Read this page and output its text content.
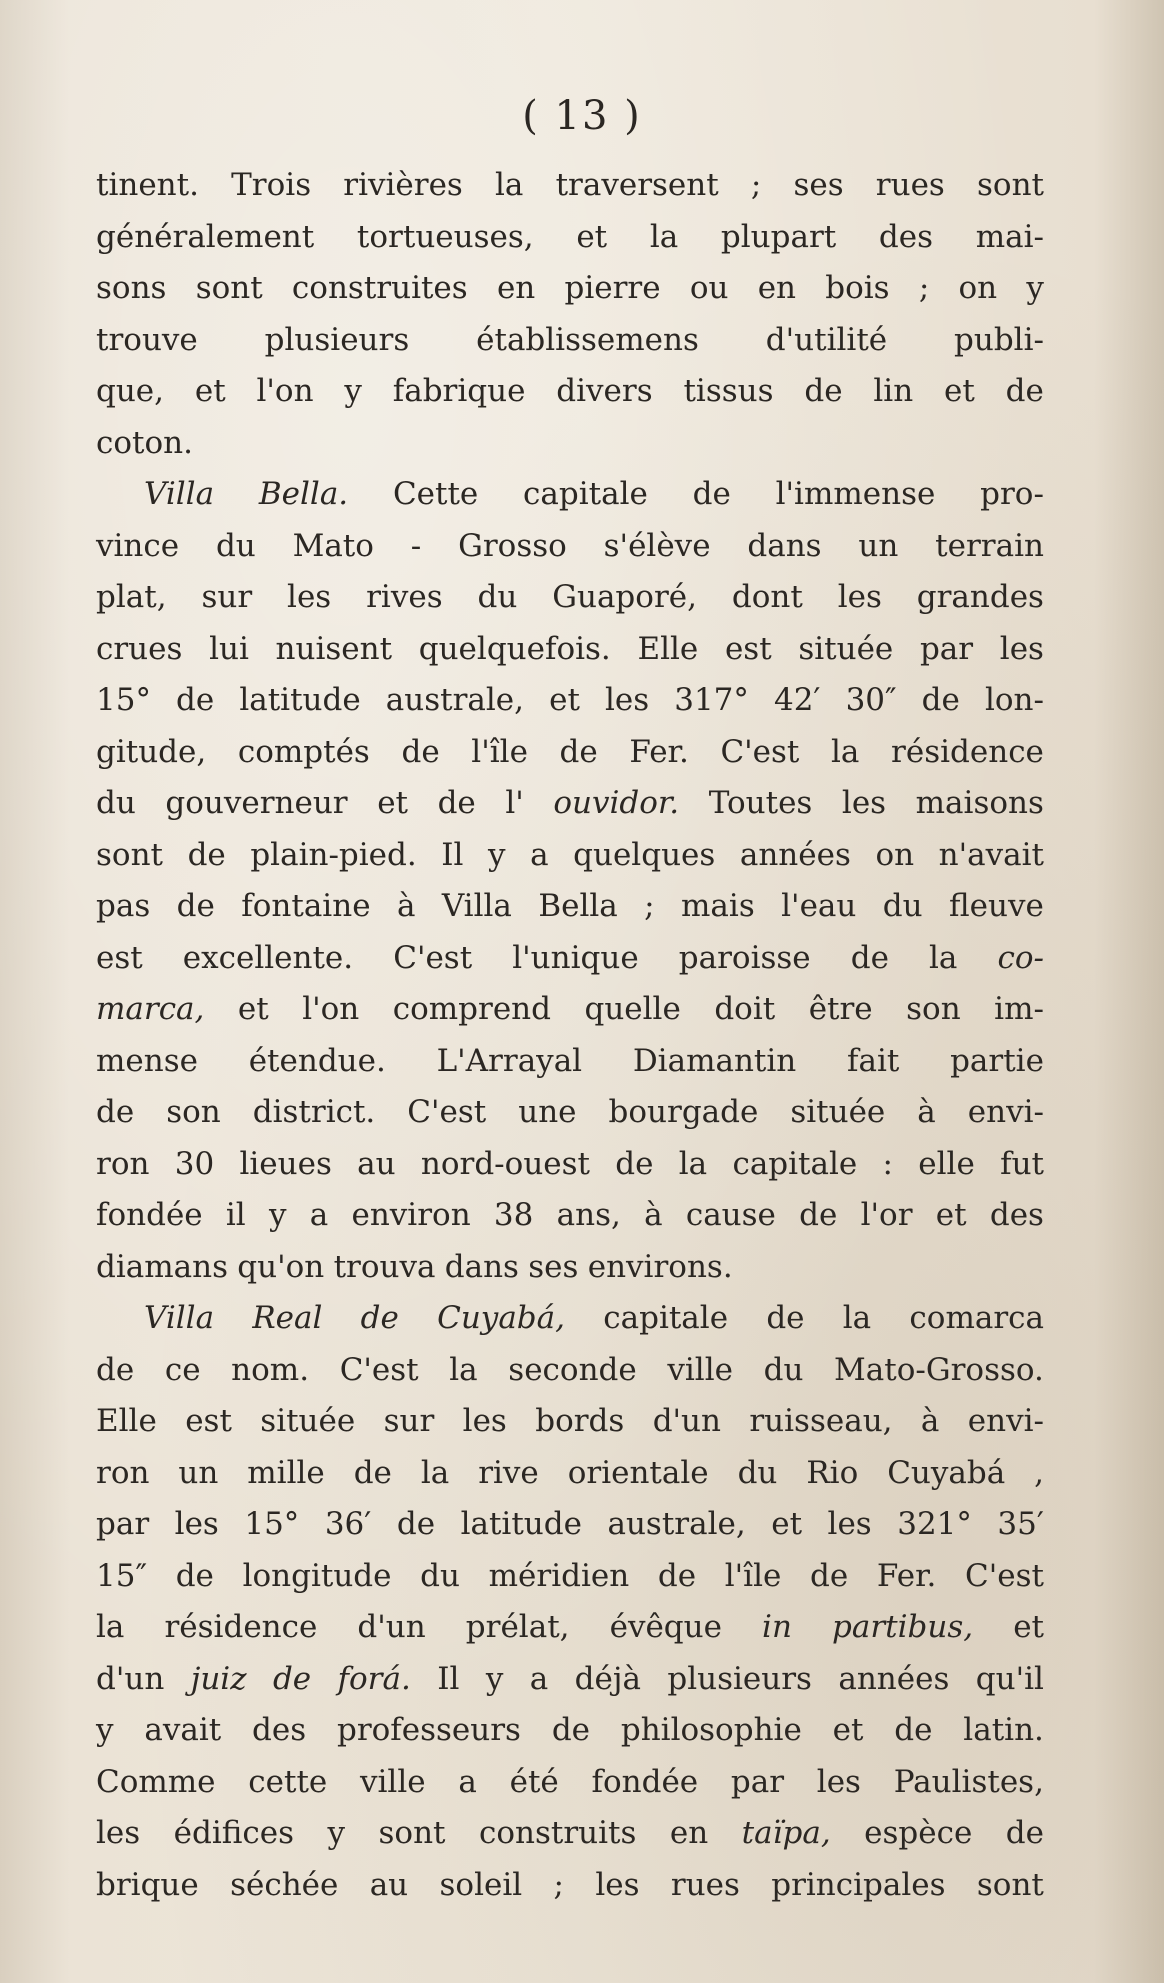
( 13 )
tinent. Trois rivières la traversent ; ses rues sont
généralement tortueuses, et la plupart des mai-
sons sont construites en pierre ou en bois ; on y
trouve plusieurs établissemens d'utilité publi-
que, et l'on y fabrique divers tissus de lin et de
coton.
Villa Bella. Cette capitale de l'immense pro-
vince du Mato - Grosso s'élève dans un terrain
plat, sur les rives du Guaporé, dont les grandes
crues lui nuisent quelquefois. Elle est située par les
15° de latitude australe, et les 317° 42′ 30″ de lon-
gitude, comptés de l'île de Fer. C'est la résidence
du gouverneur et de l' ouvidor. Toutes les maisons
sont de plain-pied. Il y a quelques années on n'avait
pas de fontaine à Villa Bella ; mais l'eau du fleuve
est excellente. C'est l'unique paroisse de la co-
marca, et l'on comprend quelle doit être son im-
mense étendue. L'Arrayal Diamantin fait partie
de son district. C'est une bourgade située à envi-
ron 30 lieues au nord-ouest de la capitale : elle fut
fondée il y a environ 38 ans, à cause de l'or et des
diamans qu'on trouva dans ses environs.
Villa Real de Cuyabá, capitale de la comarca
de ce nom. C'est la seconde ville du Mato-Grosso.
Elle est située sur les bords d'un ruisseau, à envi-
ron un mille de la rive orientale du Rio Cuyabá ,
par les 15° 36′ de latitude australe, et les 321° 35′
15″ de longitude du méridien de l'île de Fer. C'est
la résidence d'un prélat, évêque in partibus, et
d'un juiz de forá. Il y a déjà plusieurs années qu'il
y avait des professeurs de philosophie et de latin.
Comme cette ville a été fondée par les Paulistes,
les édifices y sont construits en taïpa, espèce de
brique séchée au soleil ; les rues principales sont
